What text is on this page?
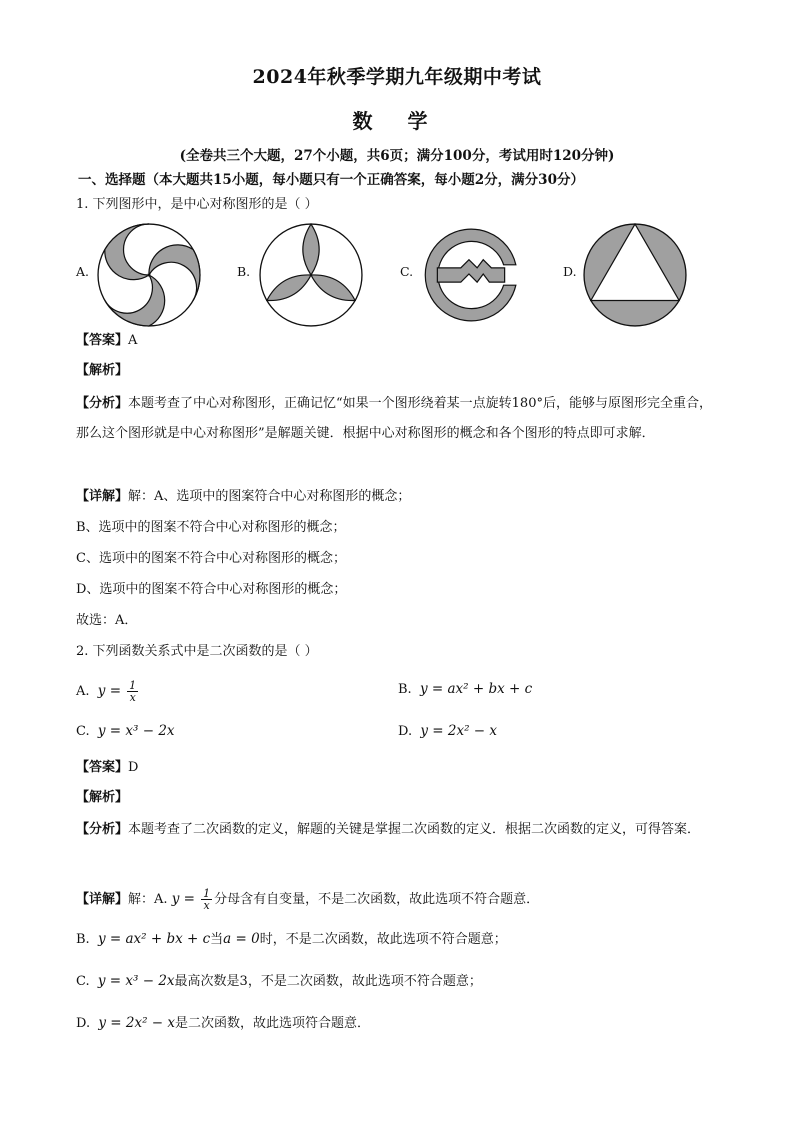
2024年秋季学期九年级期中考试
数 学
(全卷共三个大题，27个小题，共6页；满分100分，考试用时120分钟)
一、选择题（本大题共15小题，每小题只有一个正确答案，每小题2分，满分30分）
1. 下列图形中，是中心对称图形的是（ ）
A.	B.	C.	D.
【答案】A
【解析】
【分析】本题考查了中心对称图形，正确记忆“如果一个图形绕着某一点旋转180°后，能够与原图形完全重合，那么这个图形就是中心对称图形”是解题关键．根据中心对称图形的概念和各个图形的特点即可求解．
【详解】解：A、选项中的图案符合中心对称图形的概念；
B、选项中的图案不符合中心对称图形的概念；
C、选项中的图案不符合中心对称图形的概念；
D、选项中的图案不符合中心对称图形的概念；
故选：A．
2. 下列函数关系式中是二次函数的是（ ）
A. $y = \frac{1}{x}$	B. y = ax² + bx + c
C. y = x³ − 2x	D. y = 2x² − x
【答案】D
【解析】
【分析】本题考查了二次函数的定义，解题的关键是掌握二次函数的定义．根据二次函数的定义，可得答案．
【详解】解：A. $y = \frac{1}{x}$ 分母含有自变量，不是二次函数，故此选项不符合题意．
B. y = ax² + bx + c当a = 0时，不是二次函数，故此选项不符合题意；
C. y = x³ − 2x最高次数是3，不是二次函数，故此选项不符合题意；
D. y = 2x² − x是二次函数，故此选项符合题意．
